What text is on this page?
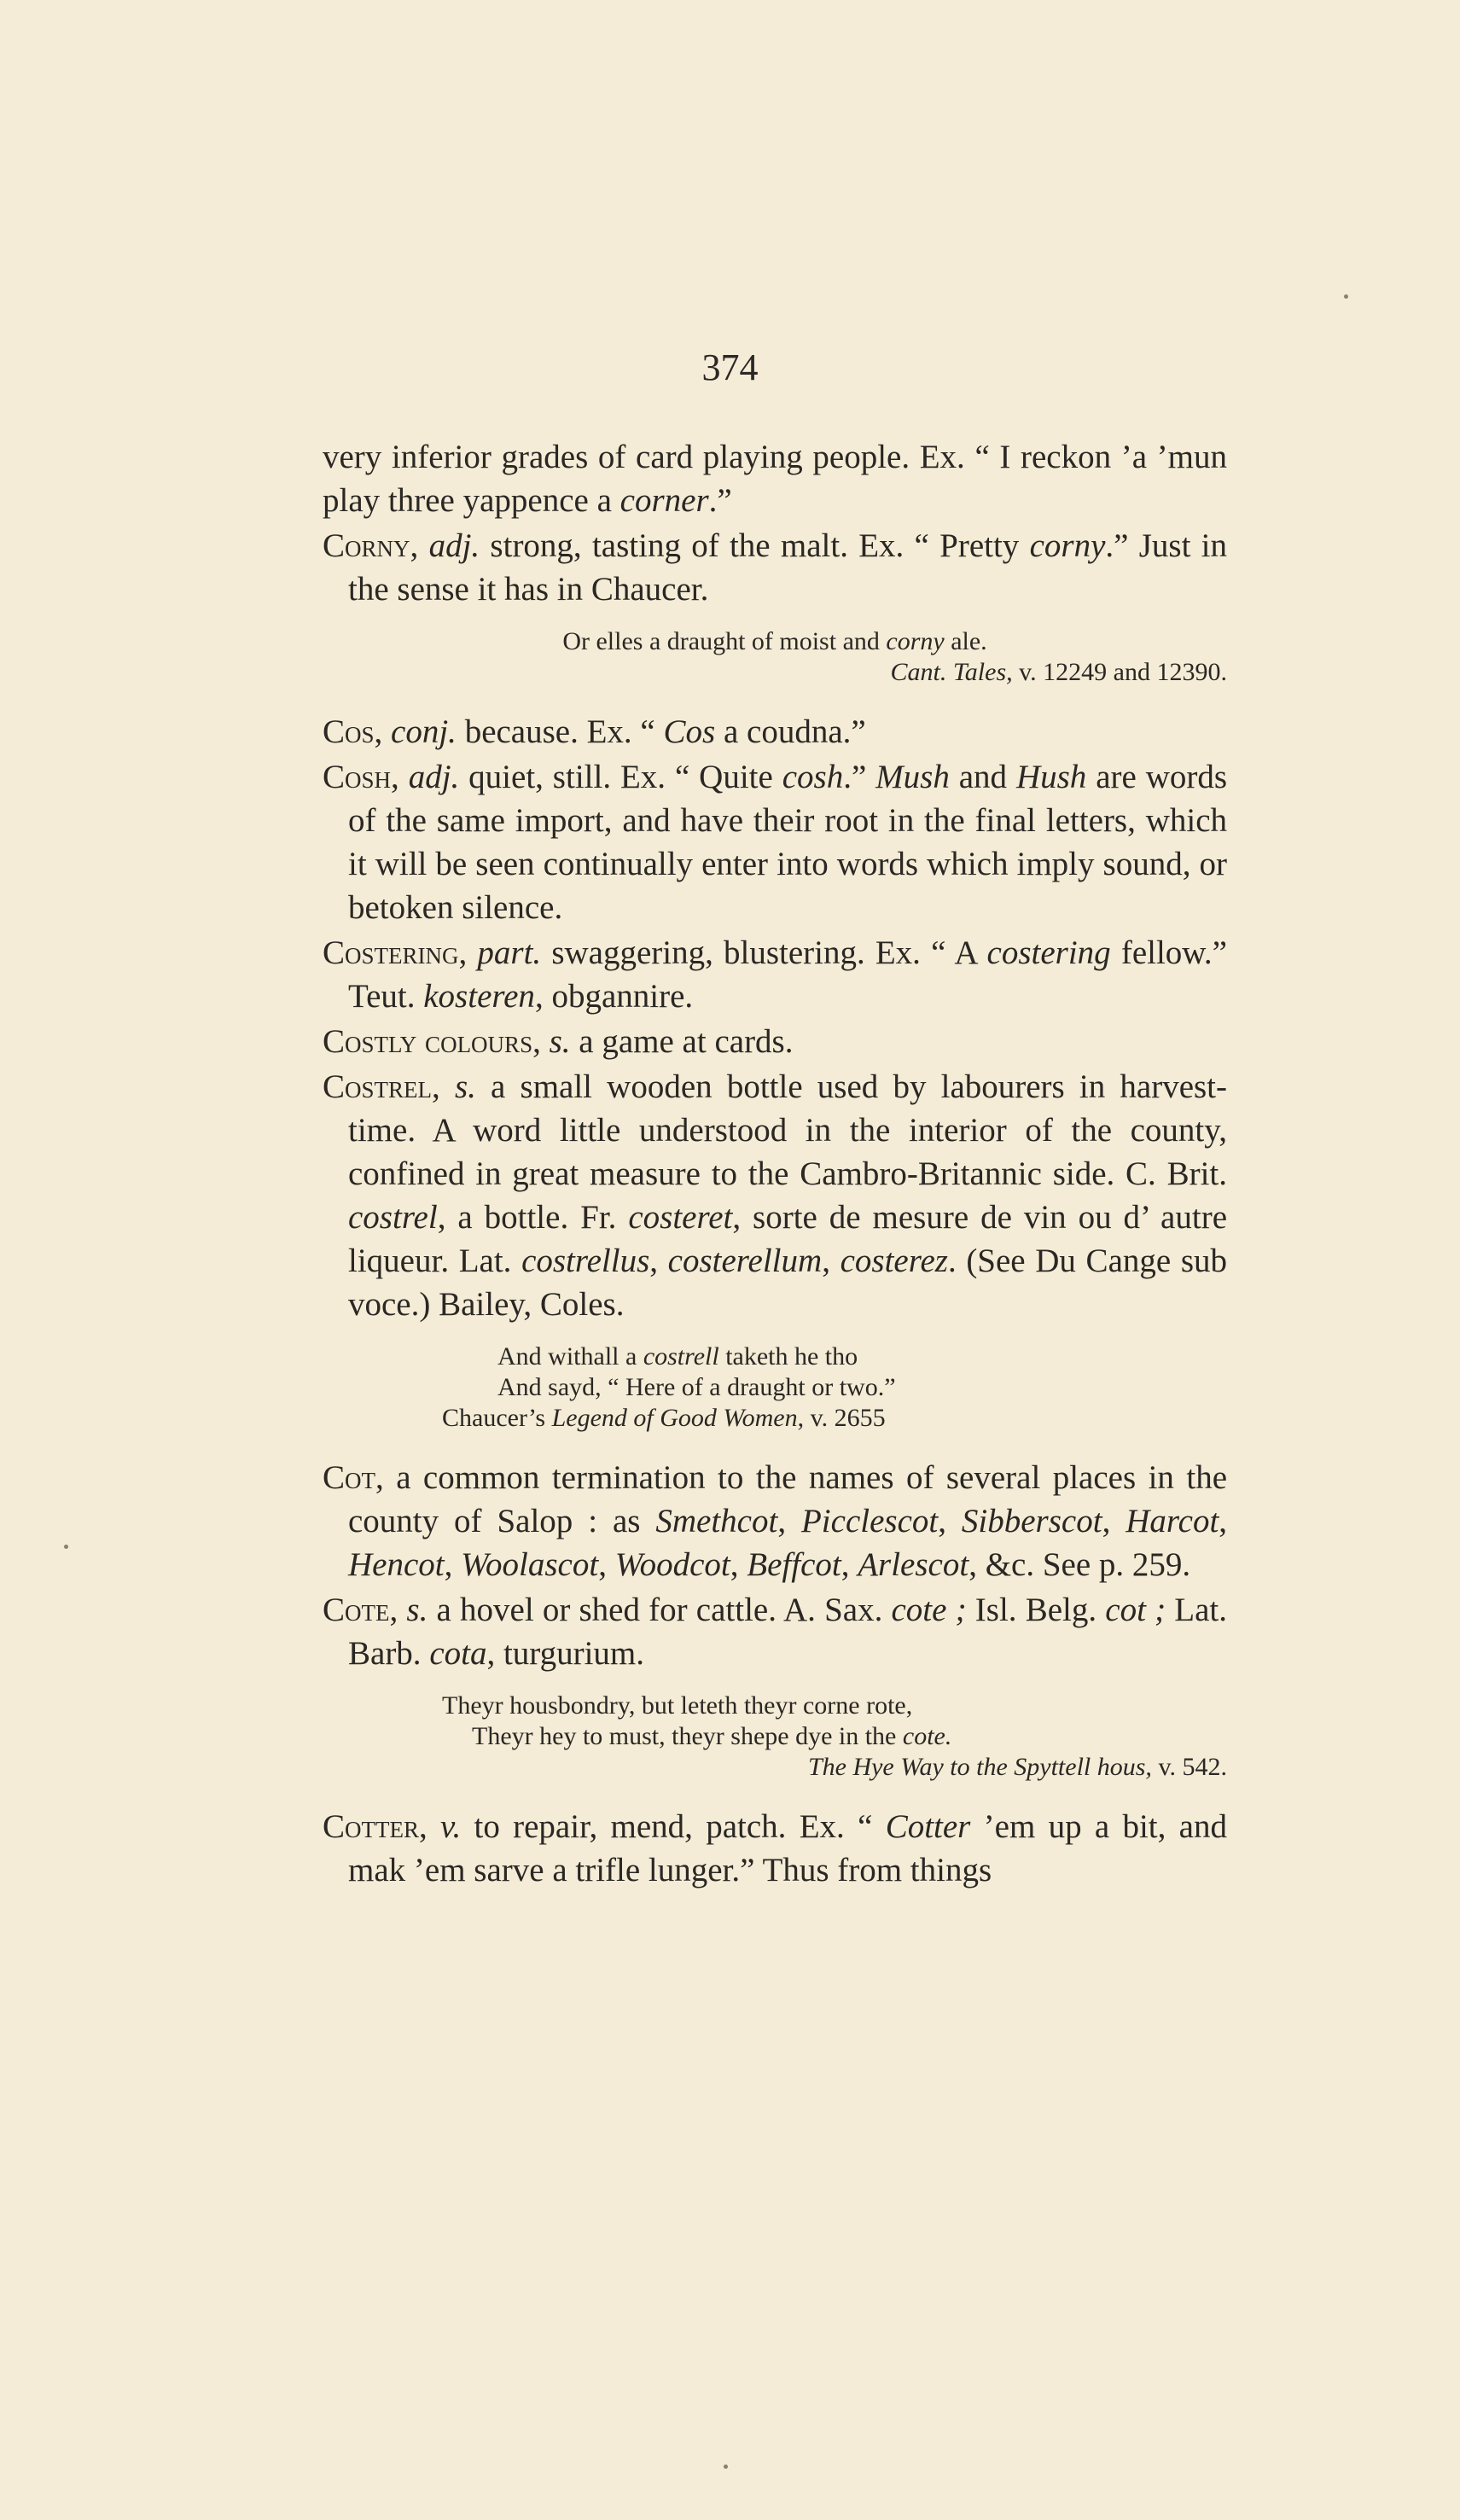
374

very inferior grades of card playing people. Ex. “ I reckon ’a ’mun play three yappence a corner.”

Corny, adj. strong, tasting of the malt. Ex. “ Pretty corny.” Just in the sense it has in Chaucer.

Or elles a draught of moist and corny ale.
Cant. Tales, v. 12249 and 12390.

Cos, conj. because. Ex. “ Cos a coudna.”

Cosh, adj. quiet, still. Ex. “ Quite cosh.” Mush and Hush are words of the same import, and have their root in the final letters, which it will be seen continually enter into words which imply sound, or betoken silence.

Costering, part. swaggering, blustering. Ex. “ A costering fellow.” Teut. kosteren, obgannire.

Costly colours, s. a game at cards.

Costrel, s. a small wooden bottle used by labourers in harvest-time. A word little understood in the interior of the county, confined in great measure to the Cambro-Britannic side. C. Brit. costrel, a bottle. Fr. costeret, sorte de mesure de vin ou d’ autre liqueur. Lat. costrellus, costerellum, costerez. (See Du Cange sub voce.) Bailey, Coles.

And withall a costrell taketh he tho
And sayd, “ Here of a draught or two.”
Chaucer’s Legend of Good Women, v. 2655

Cot, a common termination to the names of several places in the county of Salop : as Smethcot, Picclescot, Sibberscot, Harcot, Hencot, Woolascot, Woodcot, Beffcot, Arlescot, &c. See p. 259.

Cote, s. a hovel or shed for cattle. A. Sax. cote ; Isl. Belg. cot ; Lat. Barb. cota, turgurium.

Theyr housbondry, but leteth theyr corne rote,
Theyr hey to must, theyr shepe dye in the cote.
The Hye Way to the Spyttell hous, v. 542.

Cotter, v. to repair, mend, patch. Ex. “ Cotter ’em up a bit, and mak ’em sarve a trifle lunger.” Thus from things
